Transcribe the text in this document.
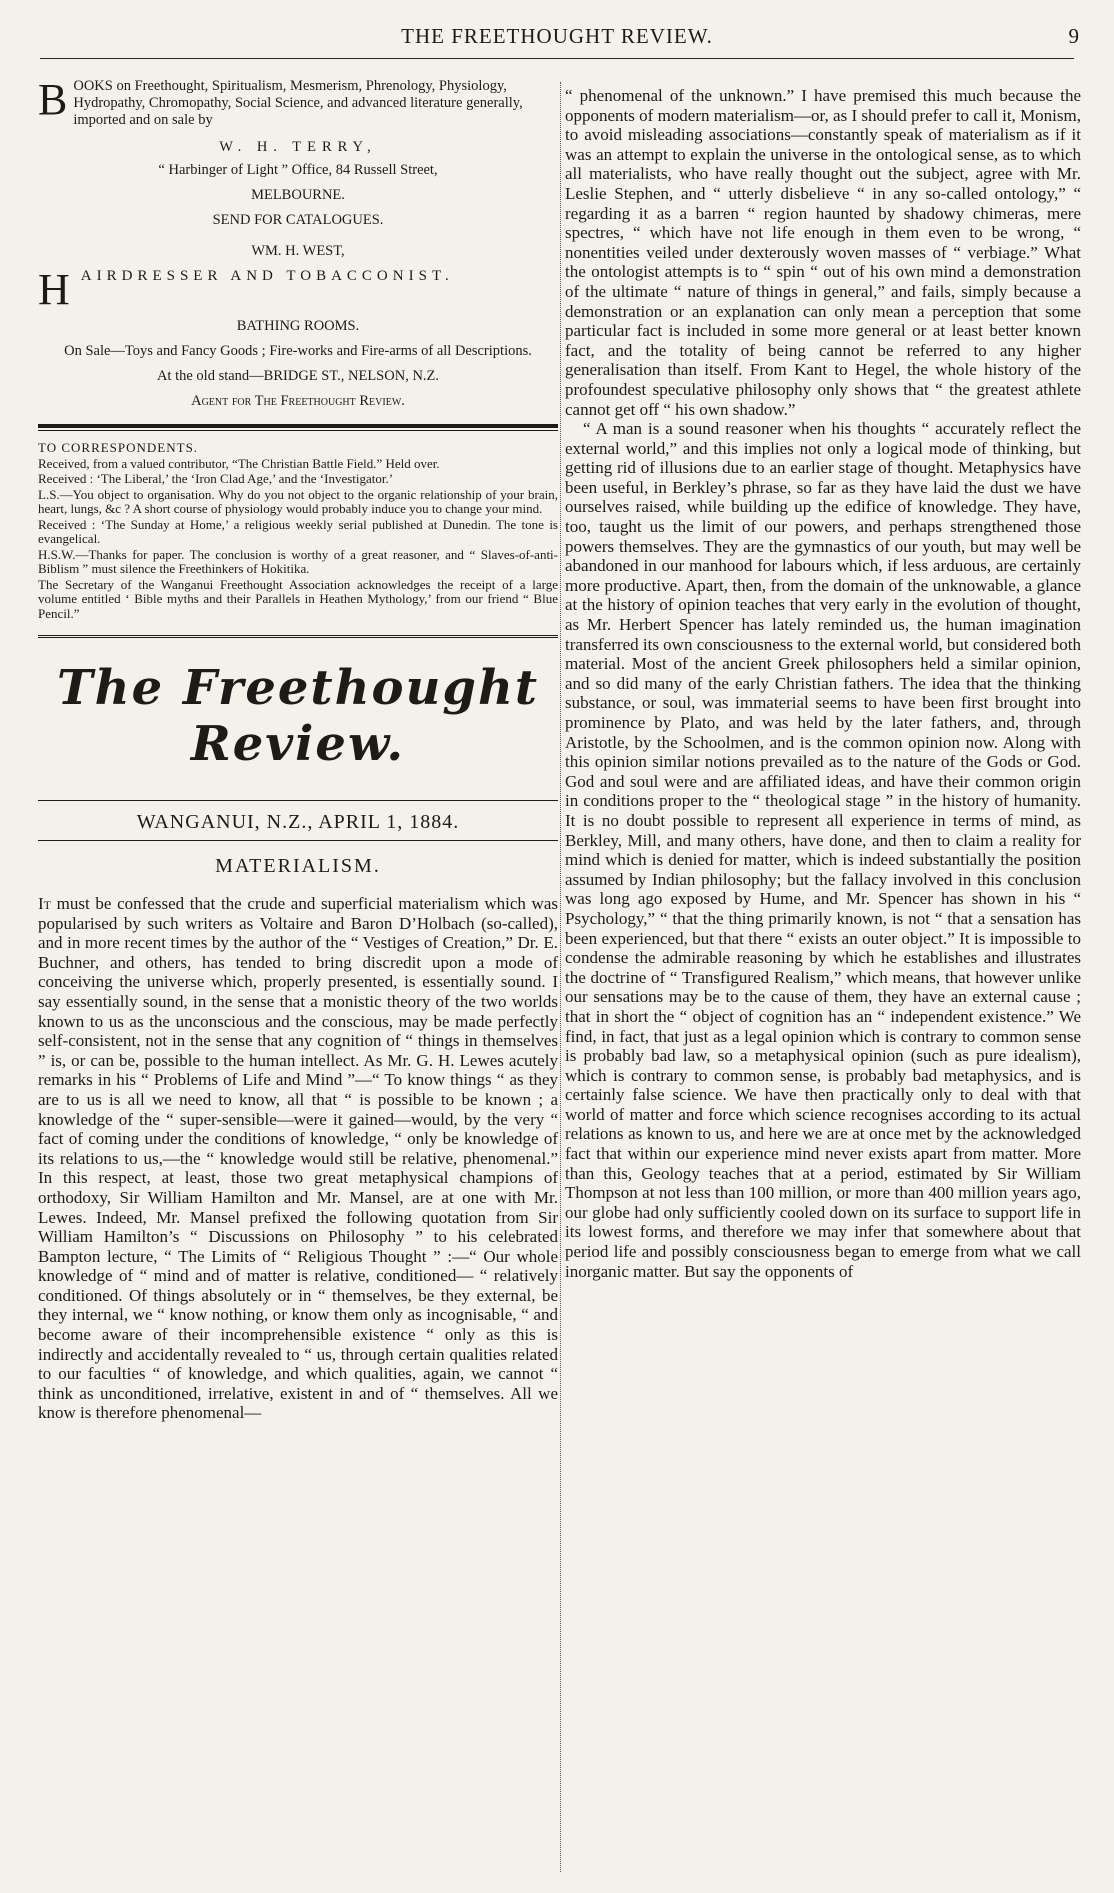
THE FREETHOUGHT REVIEW.	9

BOOKS on Freethought, Spiritualism, Mesmerism, Phrenology, Physiology, Hydropathy, Chromopathy, Social Science, and advanced literature generally, imported and on sale by

W. H. TERRY,

“ Harbinger of Light ” Office, 84 Russell Street,

MELBOURNE.

SEND FOR CATALOGUES.

WM. H. WEST,

HAIRDRESSER AND TOBACCONIST.

BATHING ROOMS.

On Sale—Toys and Fancy Goods ; Fire-works and Fire-arms of all Descriptions.

At the old stand—BRIDGE ST., NELSON, N.Z.

Agent for The Freethought Review.

TO CORRESPONDENTS.

Received, from a valued contributor, “The Christian Battle Field.” Held over.

Received : ‘The Liberal,’ the ‘Iron Clad Age,’ and the ‘Investigator.’

L.S.—You object to organisation. Why do you not object to the organic relationship of your brain, heart, lungs, &c ? A short course of physiology would probably induce you to change your mind.

Received : ‘The Sunday at Home,’ a religious weekly serial published at Dunedin. The tone is evangelical.

H.S.W.—Thanks for paper. The conclusion is worthy of a great reasoner, and “ Slaves-of-anti-Biblism ” must silence the Freethinkers of Hokitika.

The Secretary of the Wanganui Freethought Association acknowledges the receipt of a large volume entitled ‘ Bible myths and their Parallels in Heathen Mythology,’ from our friend “ Blue Pencil.”

The Freethought Review.
WANGANUI, N.Z., APRIL 1, 1884.
MATERIALISM.

It must be confessed that the crude and superficial materialism which was popularised by such writers as Voltaire and Baron D’Holbach (so-called), and in more recent times by the author of the “ Vestiges of Creation,” Dr. E. Buchner, and others, has tended to bring discredit upon a mode of conceiving the universe which, properly presented, is essentially sound. I say essentially sound, in the sense that a monistic theory of the two worlds known to us as the unconscious and the conscious, may be made perfectly self-consistent, not in the sense that any cognition of “ things in themselves ” is, or can be, possible to the human intellect. As Mr. G. H. Lewes acutely remarks in his “ Problems of Life and Mind ”—“ To know things “ as they are to us is all we need to know, all that “ is possible to be known ; a knowledge of the “ super-sensible—were it gained—would, by the very “ fact of coming under the conditions of knowledge, “ only be knowledge of its relations to us,—the “ knowledge would still be relative, phenomenal.” In this respect, at least, those two great metaphysical champions of orthodoxy, Sir William Hamilton and Mr. Mansel, are at one with Mr. Lewes. Indeed, Mr. Mansel prefixed the following quotation from Sir William Hamilton’s “ Discussions on Philosophy ” to his celebrated Bampton lecture, “ The Limits of “ Religious Thought ” :—“ Our whole knowledge of “ mind and of matter is relative, conditioned— “ relatively conditioned. Of things absolutely or in “ themselves, be they external, be they internal, we “ know nothing, or know them only as incognisable, “ and become aware of their incomprehensible existence “ only as this is indirectly and accidentally revealed to “ us, through certain qualities related to our faculties “ of knowledge, and which qualities, again, we cannot “ think as unconditioned, irrelative, existent in and of “ themselves. All we know is therefore phenomenal—

“ phenomenal of the unknown.” I have premised this much because the opponents of modern materialism—or, as I should prefer to call it, Monism, to avoid misleading associations—constantly speak of materialism as if it was an attempt to explain the universe in the ontological sense, as to which all materialists, who have really thought out the subject, agree with Mr. Leslie Stephen, and “ utterly disbelieve “ in any so-called ontology,” “ regarding it as a barren “ region haunted by shadowy chimeras, mere spectres, “ which have not life enough in them even to be wrong, “ nonentities veiled under dexterously woven masses of “ verbiage.” What the ontologist attempts is to “ spin “ out of his own mind a demonstration of the ultimate “ nature of things in general,” and fails, simply because a demonstration or an explanation can only mean a perception that some particular fact is included in some more general or at least better known fact, and the totality of being cannot be referred to any higher generalisation than itself. From Kant to Hegel, the whole history of the profoundest speculative philosophy only shows that “ the greatest athlete cannot get off “ his own shadow.”

“ A man is a sound reasoner when his thoughts “ accurately reflect the external world,” and this implies not only a logical mode of thinking, but getting rid of illusions due to an earlier stage of thought. Metaphysics have been useful, in Berkley’s phrase, so far as they have laid the dust we have ourselves raised, while building up the edifice of knowledge. They have, too, taught us the limit of our powers, and perhaps strengthened those powers themselves. They are the gymnastics of our youth, but may well be abandoned in our manhood for labours which, if less arduous, are certainly more productive. Apart, then, from the domain of the unknowable, a glance at the history of opinion teaches that very early in the evolution of thought, as Mr. Herbert Spencer has lately reminded us, the human imagination transferred its own consciousness to the external world, but considered both material. Most of the ancient Greek philosophers held a similar opinion, and so did many of the early Christian fathers. The idea that the thinking substance, or soul, was immaterial seems to have been first brought into prominence by Plato, and was held by the later fathers, and, through Aristotle, by the Schoolmen, and is the common opinion now. Along with this opinion similar notions prevailed as to the nature of the Gods or God. God and soul were and are affiliated ideas, and have their common origin in conditions proper to the “ theological stage ” in the history of humanity. It is no doubt possible to represent all experience in terms of mind, as Berkley, Mill, and many others, have done, and then to claim a reality for mind which is denied for matter, which is indeed substantially the position assumed by Indian philosophy; but the fallacy involved in this conclusion was long ago exposed by Hume, and Mr. Spencer has shown in his “ Psychology,” “ that the thing primarily known, is not “ that a sensation has been experienced, but that there “ exists an outer object.” It is impossible to condense the admirable reasoning by which he establishes and illustrates the doctrine of “ Transfigured Realism,” which means, that however unlike our sensations may be to the cause of them, they have an external cause ; that in short the “ object of cognition has an “ independent existence.” We find, in fact, that just as a legal opinion which is contrary to common sense is probably bad law, so a metaphysical opinion (such as pure idealism), which is contrary to common sense, is probably bad metaphysics, and is certainly false science. We have then practically only to deal with that world of matter and force which science recognises according to its actual relations as known to us, and here we are at once met by the acknowledged fact that within our experience mind never exists apart from matter. More than this, Geology teaches that at a period, estimated by Sir William Thompson at not less than 100 million, or more than 400 million years ago, our globe had only sufficiently cooled down on its surface to support life in its lowest forms, and therefore we may infer that somewhere about that period life and possibly consciousness began to emerge from what we call inorganic matter. But say the opponents of
